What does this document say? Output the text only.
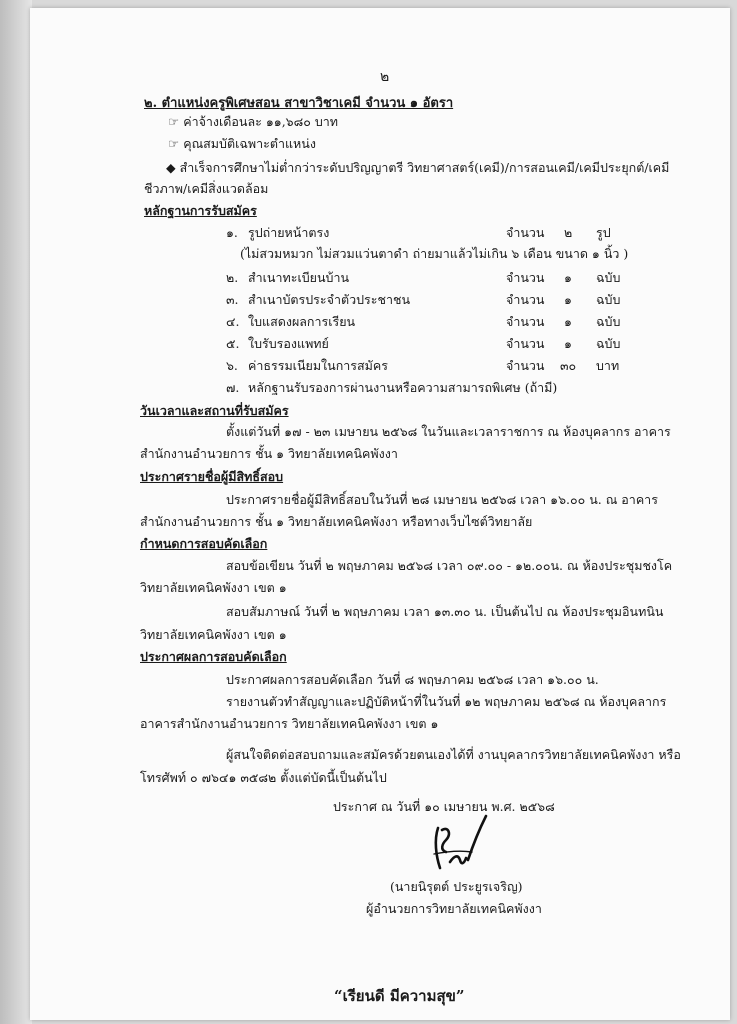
๒
๒. ตำแหน่งครูพิเศษสอน สาขาวิชาเคมี จำนวน ๑ อัตรา
☞ ค่าจ้างเดือนละ ๑๑,๖๘๐ บาท
☞ คุณสมบัติเฉพาะตำแหน่ง
◆ สำเร็จการศึกษาไม่ต่ำกว่าระดับปริญญาตรี วิทยาศาสตร์(เคมี)/การสอนเคมี/เคมีประยุกต์/เคมี
ชีวภาพ/เคมีสิ่งแวดล้อม
หลักฐานการรับสมัคร
๑. รูปถ่ายหน้าตรง	จำนวน ๒ รูป
(ไม่สวมหมวก ไม่สวมแว่นตาดำ ถ่ายมาแล้วไม่เกิน ๖ เดือน ขนาด ๑ นิ้ว )
๒. สำเนาทะเบียนบ้าน	จำนวน ๑ ฉบับ
๓. สำเนาบัตรประจำตัวประชาชน	จำนวน ๑ ฉบับ
๔. ใบแสดงผลการเรียน	จำนวน ๑ ฉบับ
๕. ใบรับรองแพทย์	จำนวน ๑ ฉบับ
๖. ค่าธรรมเนียมในการสมัคร	จำนวน ๓๐ บาท
๗. หลักฐานรับรองการผ่านงานหรือความสามารถพิเศษ (ถ้ามี)
วันเวลาและสถานที่รับสมัคร
ตั้งแต่วันที่ ๑๗ - ๒๓ เมษายน ๒๕๖๘ ในวันและเวลาราชการ ณ ห้องบุคลากร อาคาร
สำนักงานอำนวยการ ชั้น ๑ วิทยาลัยเทคนิคพังงา
ประกาศรายชื่อผู้มีสิทธิ์สอบ
ประกาศรายชื่อผู้มีสิทธิ์สอบในวันที่ ๒๘ เมษายน ๒๕๖๘ เวลา ๑๖.๐๐ น. ณ อาคาร
สำนักงานอำนวยการ ชั้น ๑ วิทยาลัยเทคนิคพังงา หรือทางเว็บไซต์วิทยาลัย
กำหนดการสอบคัดเลือก
สอบข้อเขียน วันที่ ๒ พฤษภาคม ๒๕๖๘ เวลา ๐๙.๐๐ - ๑๒.๐๐น. ณ ห้องประชุมชงโค
วิทยาลัยเทคนิคพังงา เขต ๑
สอบสัมภาษณ์ วันที่ ๒ พฤษภาคม เวลา ๑๓.๓๐ น. เป็นต้นไป ณ ห้องประชุมอินทนิน
วิทยาลัยเทคนิคพังงา เขต ๑
ประกาศผลการสอบคัดเลือก
ประกาศผลการสอบคัดเลือก วันที่ ๘ พฤษภาคม ๒๕๖๘ เวลา ๑๖.๐๐ น.
รายงานตัวทำสัญญาและปฏิบัติหน้าที่ในวันที่ ๑๒ พฤษภาคม ๒๕๖๘ ณ ห้องบุคลากร
อาคารสำนักงานอำนวยการ วิทยาลัยเทคนิคพังงา เขต ๑
ผู้สนใจติดต่อสอบถามและสมัครด้วยตนเองได้ที่ งานบุคลากรวิทยาลัยเทคนิคพังงา หรือ
โทรศัพท์ ๐ ๗๖๔๑ ๓๕๘๒ ตั้งแต่บัดนี้เป็นต้นไป
ประกาศ ณ วันที่ ๑๐ เมษายน พ.ศ. ๒๕๖๘
(นายนิรุตต์ ประยูรเจริญ)
ผู้อำนวยการวิทยาลัยเทคนิคพังงา
“เรียนดี มีความสุข”
